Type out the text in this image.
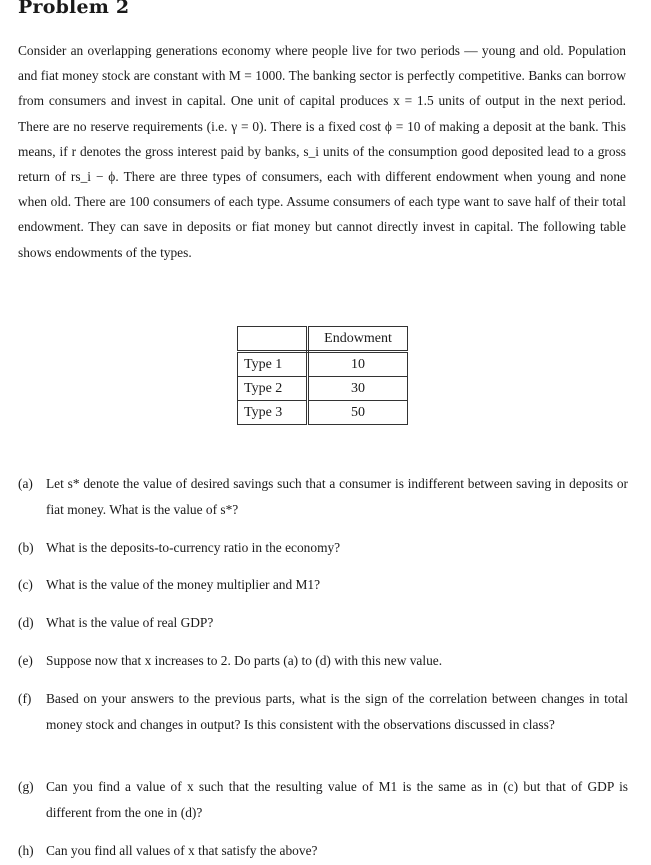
Problem 2
Consider an overlapping generations economy where people live for two periods — young and old. Population and fiat money stock are constant with M = 1000. The banking sector is perfectly competitive. Banks can borrow from consumers and invest in capital. One unit of capital produces x = 1.5 units of output in the next period. There are no reserve requirements (i.e. γ = 0). There is a fixed cost ϕ = 10 of making a deposit at the bank. This means, if r denotes the gross interest paid by banks, s_i units of the consumption good deposited lead to a gross return of rs_i − ϕ. There are three types of consumers, each with different endowment when young and none when old. There are 100 consumers of each type. Assume consumers of each type want to save half of their total endowment. They can save in deposits or fiat money but cannot directly invest in capital. The following table shows endowments of the types.
	Endowment
Type 1	10
Type 2	30
Type 3	50
(a) Let s* denote the value of desired savings such that a consumer is indifferent between saving in deposits or fiat money. What is the value of s*?
(b) What is the deposits-to-currency ratio in the economy?
(c) What is the value of the money multiplier and M1?
(d) What is the value of real GDP?
(e) Suppose now that x increases to 2. Do parts (a) to (d) with this new value.
(f) Based on your answers to the previous parts, what is the sign of the correlation between changes in total money stock and changes in output? Is this consistent with the observations discussed in class?
(g) Can you find a value of x such that the resulting value of M1 is the same as in (c) but that of GDP is different from the one in (d)?
(h) Can you find all values of x that satisfy the above?
